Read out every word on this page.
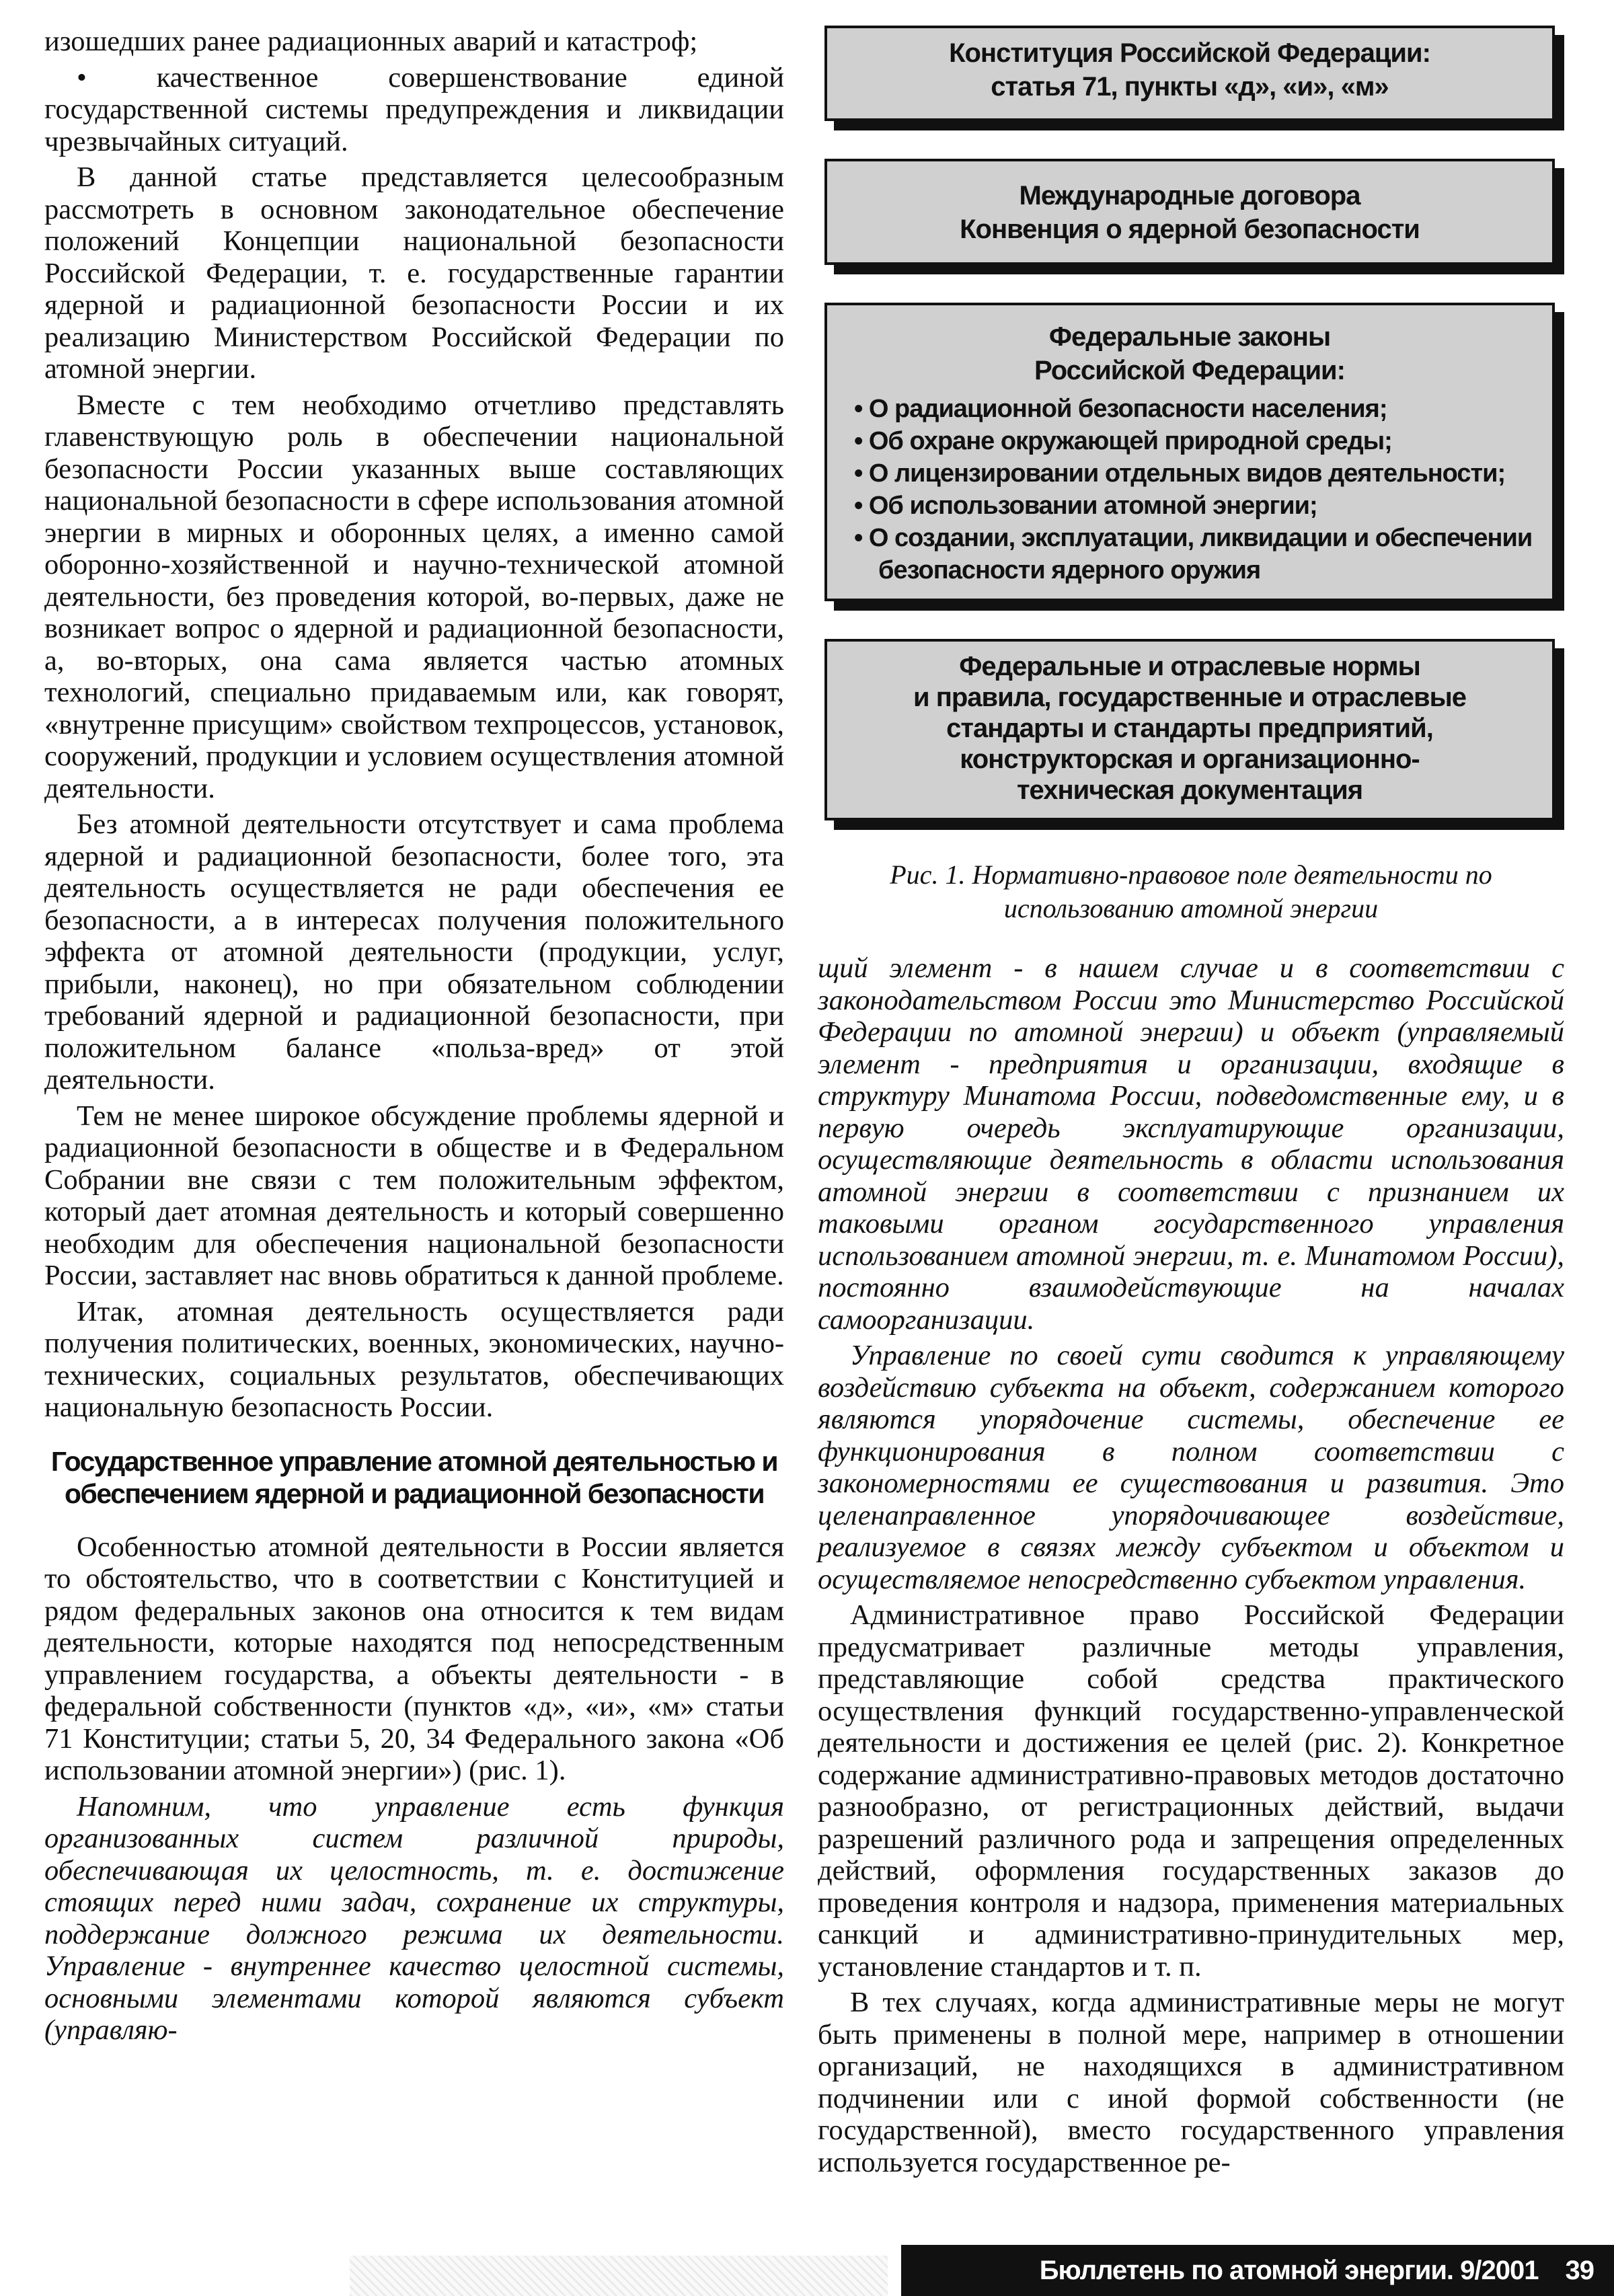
изошедших ранее радиационных аварий и катастроф;

• качественное совершенствование единой государственной системы предупреждения и ликвидации чрезвычайных ситуаций.

В данной статье представляется целесообразным рассмотреть в основном законодательное обеспечение положений Концепции национальной безопасности Российской Федерации, т. е. государственные гарантии ядерной и радиационной безопасности России и их реализацию Министерством Российской Федерации по атомной энергии.

Вместе с тем необходимо отчетливо представлять главенствующую роль в обеспечении национальной безопасности России указанных выше составляющих национальной безопасности в сфере использования атомной энергии в мирных и оборонных целях, а именно самой оборонно-хозяйственной и научно-технической атомной деятельности, без проведения которой, во-первых, даже не возникает вопрос о ядерной и радиационной безопасности, а, во-вторых, она сама является частью атомных технологий, специально придаваемым или, как говорят, «внутренне присущим» свойством техпроцессов, установок, сооружений, продукции и условием осуществления атомной деятельности.

Без атомной деятельности отсутствует и сама проблема ядерной и радиационной безопасности, более того, эта деятельность осуществляется не ради обеспечения ее безопасности, а в интересах получения положительного эффекта от атомной деятельности (продукции, услуг, прибыли, наконец), но при обязательном соблюдении требований ядерной и радиационной безопасности, при положительном балансе «польза-вред» от этой деятельности.

Тем не менее широкое обсуждение проблемы ядерной и радиационной безопасности в обществе и в Федеральном Собрании вне связи с тем положительным эффектом, который дает атомная деятельность и который совершенно необходим для обеспечения национальной безопасности России, заставляет нас вновь обратиться к данной проблеме.

Итак, атомная деятельность осуществляется ради получения политических, военных, экономических, научно-технических, социальных результатов, обеспечивающих национальную безопасность России.

Государственное управление атомной деятельностью и обеспечением ядерной и радиационной безопасности

Особенностью атомной деятельности в России является то обстоятельство, что в соответствии с Конституцией и рядом федеральных законов она относится к тем видам деятельности, которые находятся под непосредственным управлением государства, а объекты деятельности - в федеральной собственности (пунктов «д», «и», «м» статьи 71 Конституции; статьи 5, 20, 34 Федерального закона «Об использовании атомной энергии») (рис. 1).

Напомним, что управление есть функция организованных систем различной природы, обеспечивающая их целостность, т. е. достижение стоящих перед ними задач, сохранение их структуры, поддержание должного режима их деятельности. Управление - внутреннее качество целостной системы, основными элементами которой являются субъект (управляю-

Конституция Российской Федерации:
статья 71, пункты «д», «и», «м»
Международные договора
Конвенция о ядерной безопасности
Федеральные законы
Российской Федерации:
• О радиационной безопасности населения;
• Об охране окружающей природной среды;
• О лицензировании отдельных видов деятельности;
• Об использовании атомной энергии;
• О создании, эксплуатации, ликвидации и обеспечении безопасности ядерного оружия
Федеральные и отраслевые нормы
и правила, государственные и отраслевые
стандарты и стандарты предприятий,
конструкторская и организационно-
техническая документация
Рис. 1. Нормативно-правовое поле деятельности по
использованию атомной энергии

щий элемент - в нашем случае и в соответствии с законодательством России это Министерство Российской Федерации по атомной энергии) и объект (управляемый элемент - предприятия и организации, входящие в структуру Минатома России, подведомственные ему, и в первую очередь эксплуатирующие организации, осуществляющие деятельность в области использования атомной энергии в соответствии с признанием их таковыми органом государственного управления использованием атомной энергии, т. е. Минатомом России), постоянно взаимодействующие на началах самоорганизации.

Управление по своей сути сводится к управляющему воздействию субъекта на объект, содержанием которого являются упорядочение системы, обеспечение ее функционирования в полном соответствии с закономерностями ее существования и развития. Это целенаправленное упорядочивающее воздействие, реализуемое в связях между субъектом и объектом и осуществляемое непосредственно субъектом управления.

Административное право Российской Федерации предусматривает различные методы управления, представляющие собой средства практического осуществления функций государственно-управленческой деятельности и достижения ее целей (рис. 2). Конкретное содержание административно-правовых методов достаточно разнообразно, от регистрационных действий, выдачи разрешений различного рода и запрещения определенных действий, оформления государственных заказов до проведения контроля и надзора, применения материальных санкций и административно-принудительных мер, установление стандартов и т. п.

В тех случаях, когда административные меры не могут быть применены в полной мере, например в отношении организаций, не находящихся в административном подчинении или с иной формой собственности (не государственной), вместо государственного управления используется государственное ре-

Бюллетень по атомной энергии. 9/2001 39
